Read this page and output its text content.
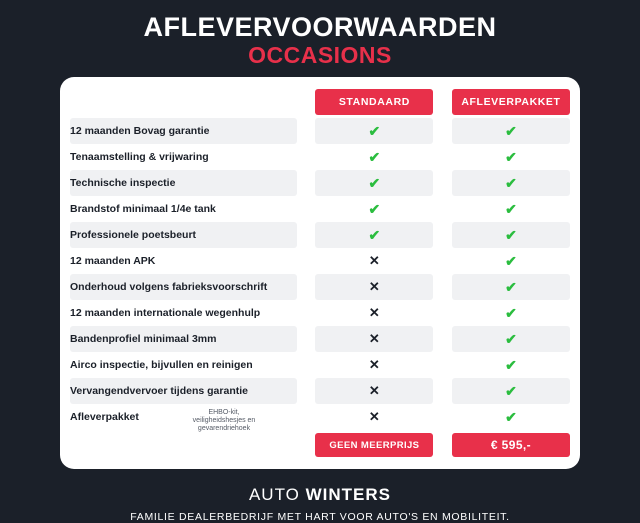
AFLEVERVOORWAARDEN
OCCASIONS
		STANDAARD		AFLEVERPAKKET

12 maanden Bovag garantie		✔		✔
Tenaamstelling & vrijwaring		✔		✔
Technische inspectie		✔		✔
Brandstof minimaal 1/4e tank		✔		✔
Professionele poetsbeurt		✔		✔
12 maanden APK		✕		✔
Onderhoud volgens fabrieksvoorschrift		✕		✔
12 maanden internationale wegenhulp		✕		✔
Bandenprofiel minimaal 3mm		✕		✔
Airco inspectie, bijvullen en reinigen		✕		✔
Vervangendvervoer tijdens garantie		✕		✔
Afleverpakket EHBO-kit, veiligheidshesjes en gevarendriehoek		✕		✔

		GEEN MEERPRIJS		€ 595,-
AUTO WINTERS
FAMILIE DEALERBEDRIJF MET HART VOOR AUTO'S EN MOBILITEIT.
